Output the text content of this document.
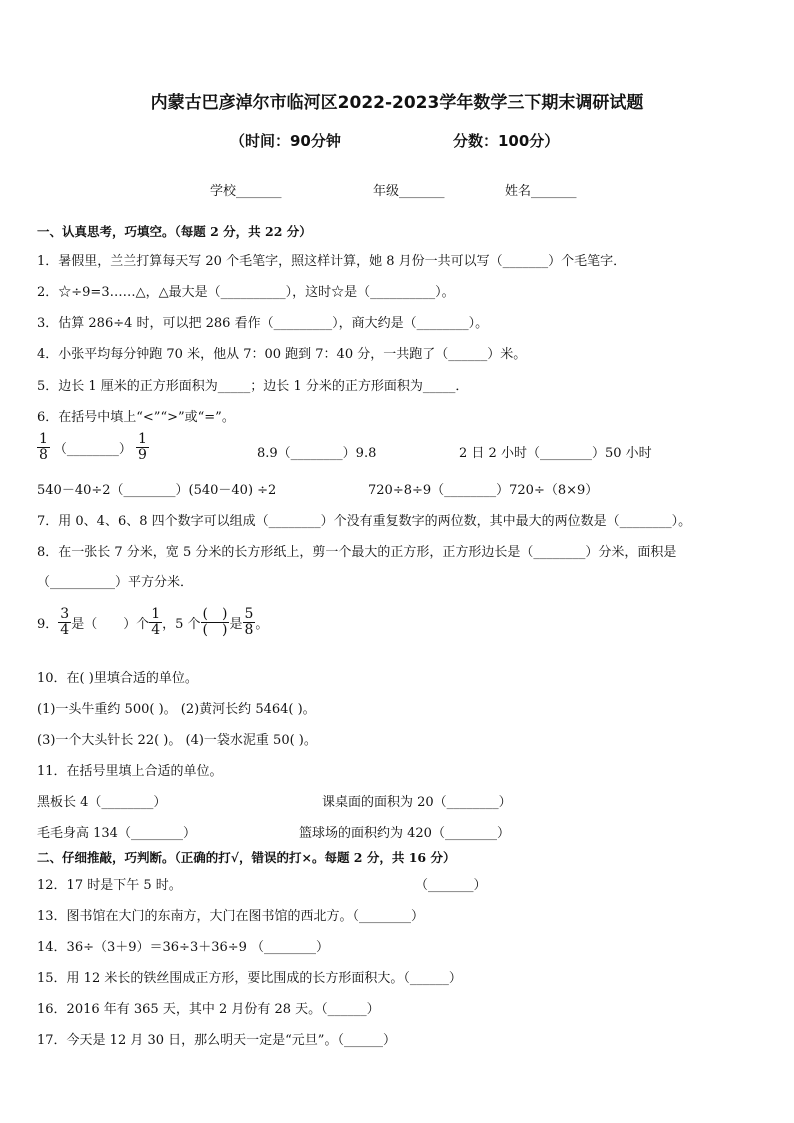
内蒙古巴彦淖尔市临河区2022-2023学年数学三下期末调研试题
（时间：90分钟	分数：100分）
学校_______	年级_______	姓名_______
一、认真思考，巧填空。（每题 2 分，共 22 分）
1．暑假里，兰兰打算每天写 20 个毛笔字，照这样计算，她 8 月份一共可以写（_______）个毛笔字．
2．☆÷9=3……△，△最大是（__________），这时☆是（__________）。
3．估算 286÷4 时，可以把 286 看作（_________），商大约是（________）。
4．小张平均每分钟跑 70 米，他从 7：00 跑到 7：40 分，一共跑了（______）米。
5．边长 1 厘米的正方形面积为_____；边长 1 分米的正方形面积为_____．
6．在括号中填上“<”“>”或“=”。
$\frac{1}{8}$ （________） $\frac{1}{9}$	8.9（________）9.8	2 日 2 小时（________）50 小时
540－40÷2（________）(540－40) ÷2	720÷8÷9（________）720÷（8×9）
7．用 0、4、6、8 四个数字可以组成（________）个没有重复数字的两位数，其中最大的两位数是（________）。
8．在一张长 7 分米，宽 5 分米的长方形纸上，剪一个最大的正方形，正方形边长是（________）分米，面积是
（__________）平方分米．
9． $\frac{3}{4}$ 是（　　）个 $\frac{1}{4}$ ，5 个 $\frac{( )}{( )}$ 是 $\frac{5}{8}$ 。
10．在( )里填合适的单位。
(1)一头牛重约 500( )。 (2)黄河长约 5464( )。
(3)一个大头针长 22( )。 (4)一袋水泥重 50( )。
11．在括号里填上合适的单位。
黑板长 4（________）	课桌面的面积为 20（________）
毛毛身高 134（________）	篮球场的面积约为 420（________）
二、仔细推敲，巧判断。（正确的打√，错误的打×。每题 2 分，共 16 分）
12．17 时是下午 5 时。	（_______）
13．图书馆在大门的东南方，大门在图书馆的西北方。（________）
14．36÷（3＋9）＝36÷3＋36÷9 （________）
15．用 12 米长的铁丝围成正方形，要比围成的长方形面积大。（______）
16．2016 年有 365 天，其中 2 月份有 28 天。（______）
17．今天是 12 月 30 日，那么明天一定是“元旦”。（______）
